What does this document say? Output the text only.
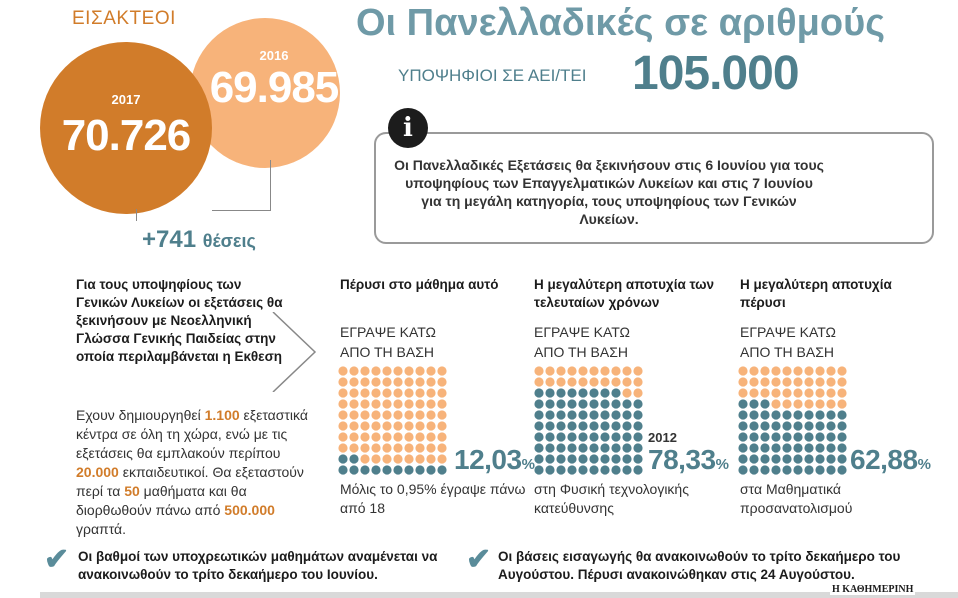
Οι Πανελλαδικές σε αριθμούς
ΥΠΟΨΗΦΙΟΙ ΣΕ ΑΕΙ/ΤΕΙ 105.000
ΕΙΣΑΚΤΕΟΙ
2016
69.985
2017
70.726
+741 θέσεις
i
Οι Πανελλαδικές Εξετάσεις θα ξεκινήσουν στις 6 Ιουνίου για τους υποψηφίους των Επαγγελματικών Λυκείων και στις 7 Ιουνίου για τη μεγάλη κατηγορία, τους υποψηφίους των Γενικών Λυκείων.
Για τους υποψηφίους των Γενικών Λυκείων οι εξετάσεις θα ξεκινήσουν με Νεοελληνική Γλώσσα Γενικής Παιδείας στην οποία περιλαμβάνεται η Εκθεση
Εχουν δημιουργηθεί 1.100 εξεταστικά κέντρα σε όλη τη χώρα, ενώ με τις εξετάσεις θα εμπλακούν περίπου 20.000 εκπαιδευτικοί. Θα εξεταστούν περί τα 50 μαθήματα και θα διορθωθούν πάνω από 500.000 γραπτά.
Πέρυσι στο μάθημα αυτό
ΕΓΡΑΨΕ ΚΑΤΩ
ΑΠΟ ΤΗ ΒΑΣΗ
12,03%
Μόλις το 0,95% έγραψε πάνω από 18
Η μεγαλύτερη αποτυχία των τελευταίων χρόνων
ΕΓΡΑΨΕ ΚΑΤΩ
ΑΠΟ ΤΗ ΒΑΣΗ
2012
78,33%
στη Φυσική τεχνολογικής κατεύθυνσης
Η μεγαλύτερη αποτυχία πέρυσι
ΕΓΡΑΨΕ ΚΑΤΩ
ΑΠΟ ΤΗ ΒΑΣΗ
62,88%
στα Μαθηματικά προσανατολισμού
✔ Οι βαθμοί των υποχρεωτικών μαθημάτων αναμένεται να ανακοινωθούν το τρίτο δεκαήμερο του Ιουνίου.	✔ Οι βάσεις εισαγωγής θα ανακοινωθούν το τρίτο δεκαήμερο του Αυγούστου. Πέρυσι ανακοινώθηκαν στις 24 Αυγούστου.
Η ΚΑΘΗΜΕΡΙΝΗ
